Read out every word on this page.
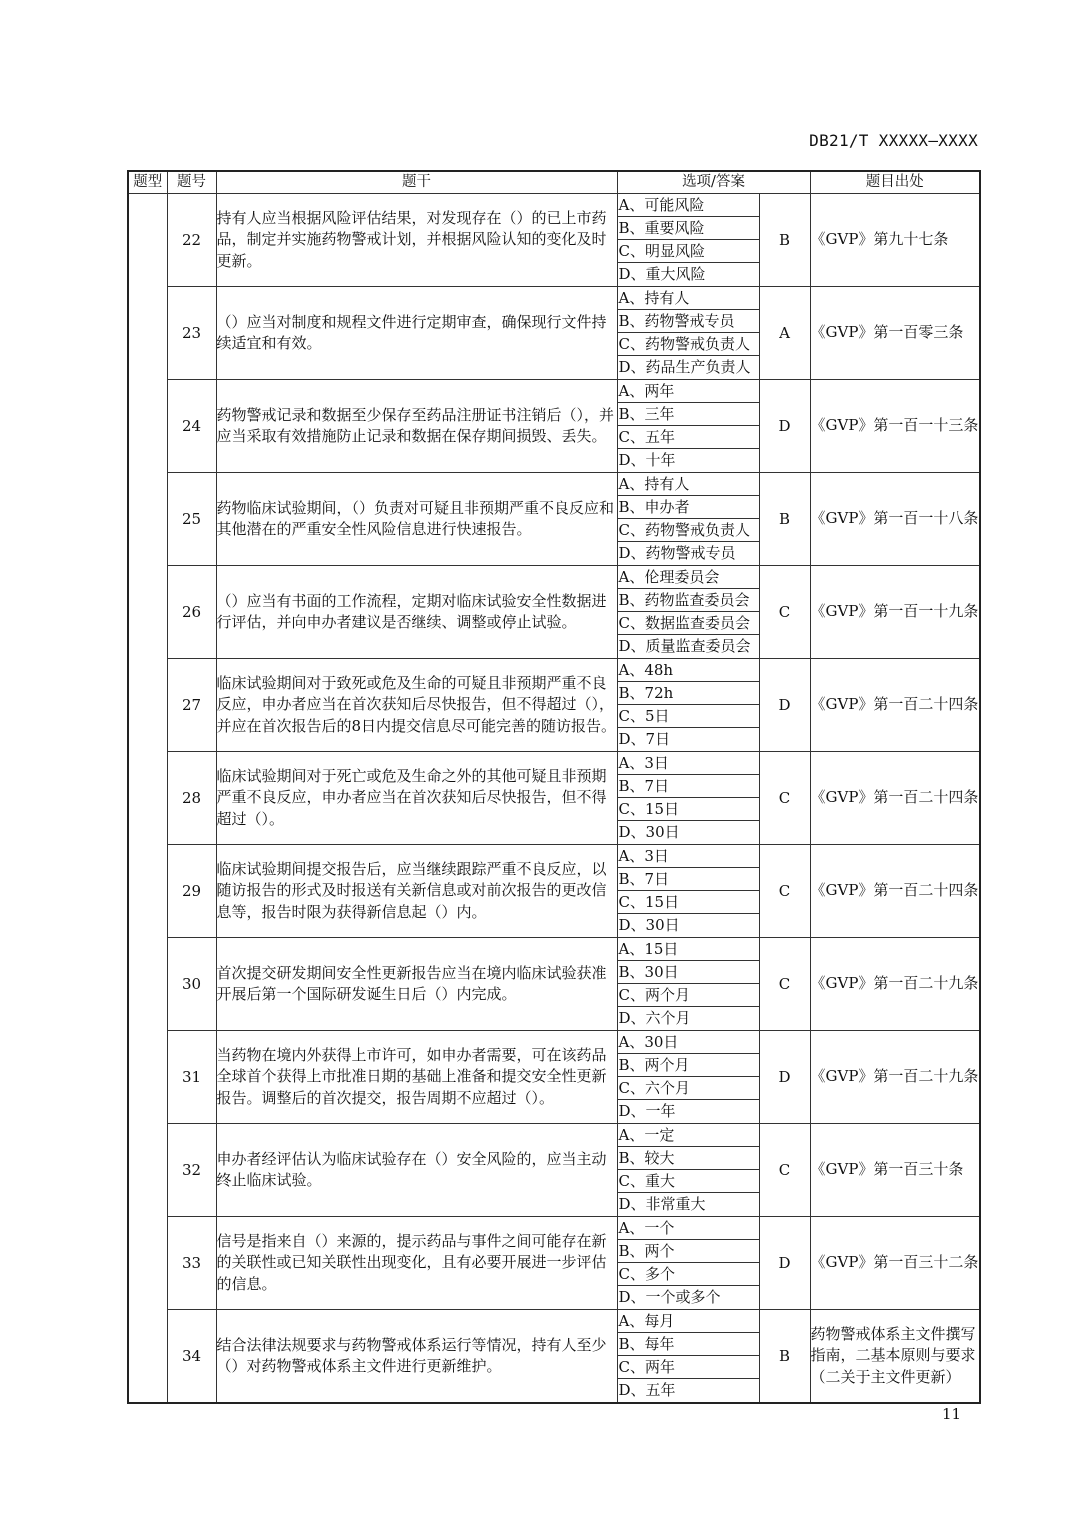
DB21/T XXXXX—XXXX
题型	题号	题干	选项/答案		题目出处
	22	持有人应当根据风险评估结果，对发现存在（）的已上市药品，制定并实施药物警戒计划，并根据风险认知的变化及时更新。	A、可能风险
B、重要风险
C、明显风险
D、重大风险	B	《GVP》第九十七条
	23	（）应当对制度和规程文件进行定期审查，确保现行文件持续适宜和有效。	A、持有人
B、药物警戒专员
C、药物警戒负责人
D、药品生产负责人	A	《GVP》第一百零三条
	24	药物警戒记录和数据至少保存至药品注册证书注销后（），并应当采取有效措施防止记录和数据在保存期间损毁、丢失。	A、两年
B、三年
C、五年
D、十年	D	《GVP》第一百一十三条
	25	药物临床试验期间，（）负责对可疑且非预期严重不良反应和其他潜在的严重安全性风险信息进行快速报告。	A、持有人
B、申办者
C、药物警戒负责人
D、药物警戒专员	B	《GVP》第一百一十八条
	26	（）应当有书面的工作流程，定期对临床试验安全性数据进行评估，并向申办者建议是否继续、调整或停止试验。	A、伦理委员会
B、药物监查委员会
C、数据监查委员会
D、质量监查委员会	C	《GVP》第一百一十九条
	27	临床试验期间对于致死或危及生命的可疑且非预期严重不良反应，申办者应当在首次获知后尽快报告，但不得超过（），并应在首次报告后的8日内提交信息尽可能完善的随访报告。	A、48h
B、72h
C、5日
D、7日	D	《GVP》第一百二十四条
	28	临床试验期间对于死亡或危及生命之外的其他可疑且非预期严重不良反应，申办者应当在首次获知后尽快报告，但不得超过（）。	A、3日
B、7日
C、15日
D、30日	C	《GVP》第一百二十四条
	29	临床试验期间提交报告后，应当继续跟踪严重不良反应，以随访报告的形式及时报送有关新信息或对前次报告的更改信息等，报告时限为获得新信息起（）内。	A、3日
B、7日
C、15日
D、30日	C	《GVP》第一百二十四条
	30	首次提交研发期间安全性更新报告应当在境内临床试验获准开展后第一个国际研发诞生日后（）内完成。	A、15日
B、30日
C、两个月
D、六个月	C	《GVP》第一百二十九条
	31	当药物在境内外获得上市许可，如申办者需要，可在该药品全球首个获得上市批准日期的基础上准备和提交安全性更新报告。调整后的首次提交，报告周期不应超过（）。	A、30日
B、两个月
C、六个月
D、一年	D	《GVP》第一百二十九条
	32	申办者经评估认为临床试验存在（）安全风险的，应当主动终止临床试验。	A、一定
B、较大
C、重大
D、非常重大	C	《GVP》第一百三十条
	33	信号是指来自（）来源的，提示药品与事件之间可能存在新的关联性或已知关联性出现变化，且有必要开展进一步评估的信息。	A、一个
B、两个
C、多个
D、一个或多个	D	《GVP》第一百三十二条
	34	结合法律法规要求与药物警戒体系运行等情况，持有人至少（）对药物警戒体系主文件进行更新维护。	A、每月
B、每年
C、两年
D、五年	B	药物警戒体系主文件撰写指南，二基本原则与要求（二关于主文件更新）
11
